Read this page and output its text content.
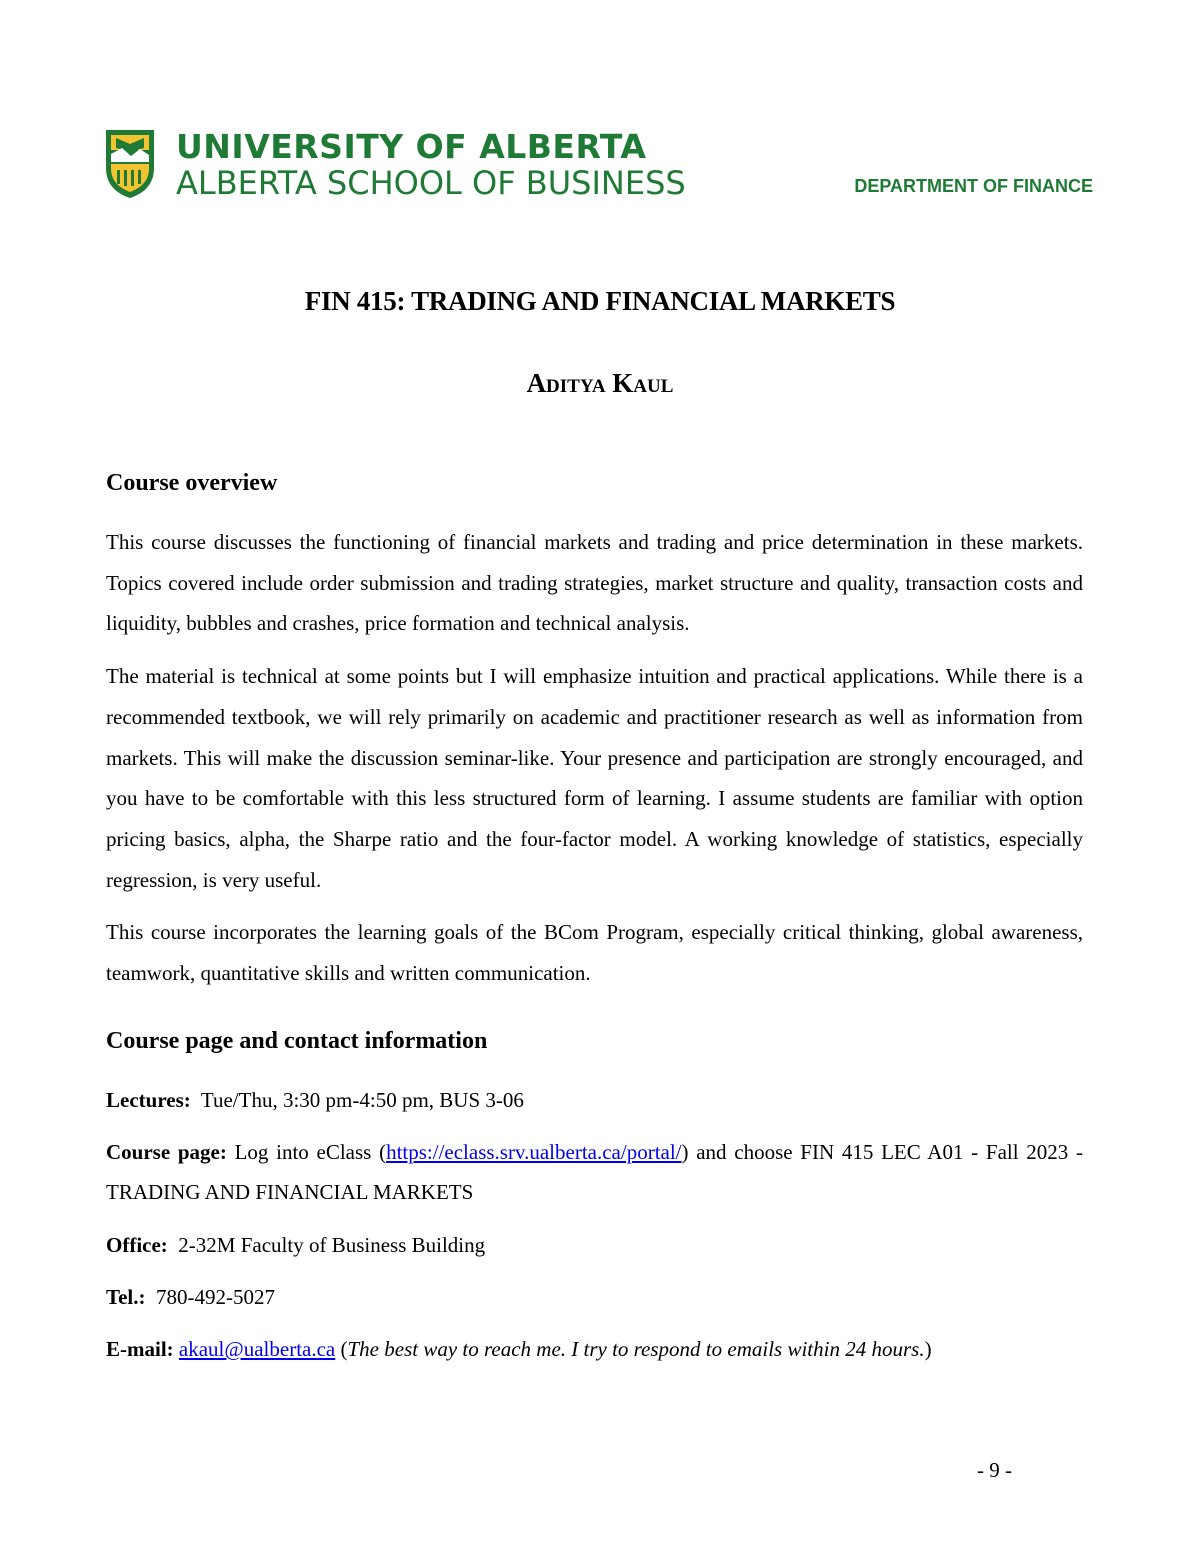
UNIVERSITY OF ALBERTA
ALBERTA SCHOOL OF BUSINESS	DEPARTMENT OF FINANCE
FIN 415: TRADING AND FINANCIAL MARKETS
Aditya Kaul
Course overview

This course discusses the functioning of financial markets and trading and price determination in these markets. Topics covered include order submission and trading strategies, market structure and quality, transaction costs and liquidity, bubbles and crashes, price formation and technical analysis.

The material is technical at some points but I will emphasize intuition and practical applications. While there is a recommended textbook, we will rely primarily on academic and practitioner research as well as information from markets. This will make the discussion seminar-like. Your presence and participation are strongly encouraged, and you have to be comfortable with this less structured form of learning. I assume students are familiar with option pricing basics, alpha, the Sharpe ratio and the four-factor model. A working knowledge of statistics, especially regression, is very useful.

This course incorporates the learning goals of the BCom Program, especially critical thinking, global awareness, teamwork, quantitative skills and written communication.

Course page and contact information

Lectures: Tue/Thu, 3:30 pm-4:50 pm, BUS 3-06

Course page: Log into eClass (https://eclass.srv.ualberta.ca/portal/) and choose FIN 415 LEC A01 - Fall 2023 - TRADING AND FINANCIAL MARKETS

Office: 2-32M Faculty of Business Building

Tel.: 780-492-5027

E-mail: akaul@ualberta.ca (The best way to reach me. I try to respond to emails within 24 hours.)

- 9 -
